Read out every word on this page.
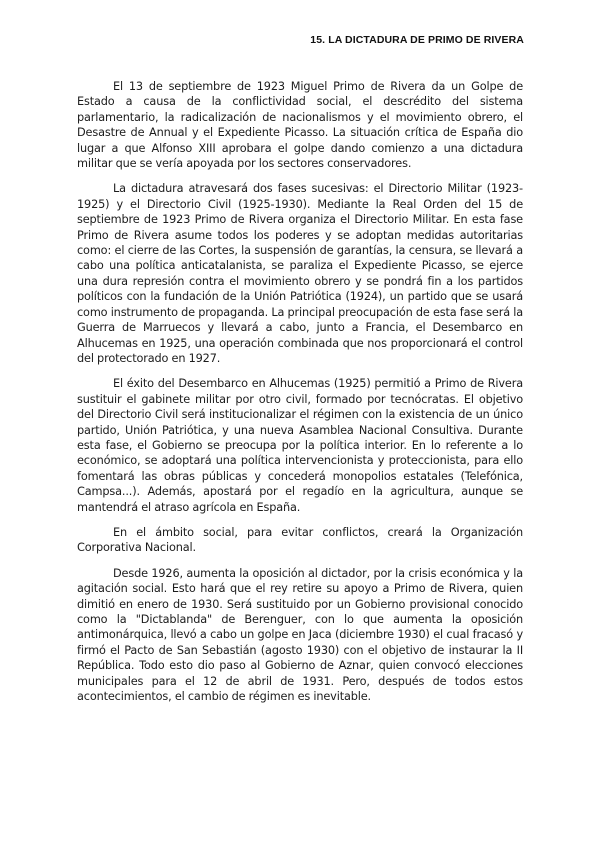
15. LA DICTADURA DE PRIMO DE RIVERA

El 13 de septiembre de 1923 Miguel Primo de Rivera da un Golpe de Estado a causa de la conflictividad social, el descrédito del sistema parlamentario, la radicalización de nacionalismos y el movimiento obrero, el Desastre de Annual y el Expediente Picasso. La situación crítica de España dio lugar a que Alfonso XIII aprobara el golpe dando comienzo a una dictadura militar que se vería apoyada por los sectores conservadores.

La dictadura atravesará dos fases sucesivas: el Directorio Militar (1923-1925) y el Directorio Civil (1925-1930). Mediante la Real Orden del 15 de septiembre de 1923 Primo de Rivera organiza el Directorio Militar. En esta fase Primo de Rivera asume todos los poderes y se adoptan medidas autoritarias como: el cierre de las Cortes, la suspensión de garantías, la censura, se llevará a cabo una política anticatalanista, se paraliza el Expediente Picasso, se ejerce una dura represión contra el movimiento obrero y se pondrá fin a los partidos políticos con la fundación de la Unión Patriótica (1924), un partido que se usará como instrumento de propaganda. La principal preocupación de esta fase será la Guerra de Marruecos y llevará a cabo, junto a Francia, el Desembarco en Alhucemas en 1925, una operación combinada que nos proporcionará el control del protectorado en 1927.

El éxito del Desembarco en Alhucemas (1925) permitió a Primo de Rivera sustituir el gabinete militar por otro civil, formado por tecnócratas. El objetivo del Directorio Civil será institucionalizar el régimen con la existencia de un único partido, Unión Patriótica, y una nueva Asamblea Nacional Consultiva. Durante esta fase, el Gobierno se preocupa por la política interior. En lo referente a lo económico, se adoptará una política intervencionista y proteccionista, para ello fomentará las obras públicas y concederá monopolios estatales (Telefónica, Campsa...). Además, apostará por el regadío en la agricultura, aunque se mantendrá el atraso agrícola en España.

En el ámbito social, para evitar conflictos, creará la Organización Corporativa Nacional.

Desde 1926, aumenta la oposición al dictador, por la crisis económica y la agitación social. Esto hará que el rey retire su apoyo a Primo de Rivera, quien dimitió en enero de 1930. Será sustituido por un Gobierno provisional conocido como la "Dictablanda" de Berenguer, con lo que aumenta la oposición antimonárquica, llevó a cabo un golpe en Jaca (diciembre 1930) el cual fracasó y firmó el Pacto de San Sebastián (agosto 1930) con el objetivo de instaurar la II República. Todo esto dio paso al Gobierno de Aznar, quien convocó elecciones municipales para el 12 de abril de 1931. Pero, después de todos estos acontecimientos, el cambio de régimen es inevitable.
